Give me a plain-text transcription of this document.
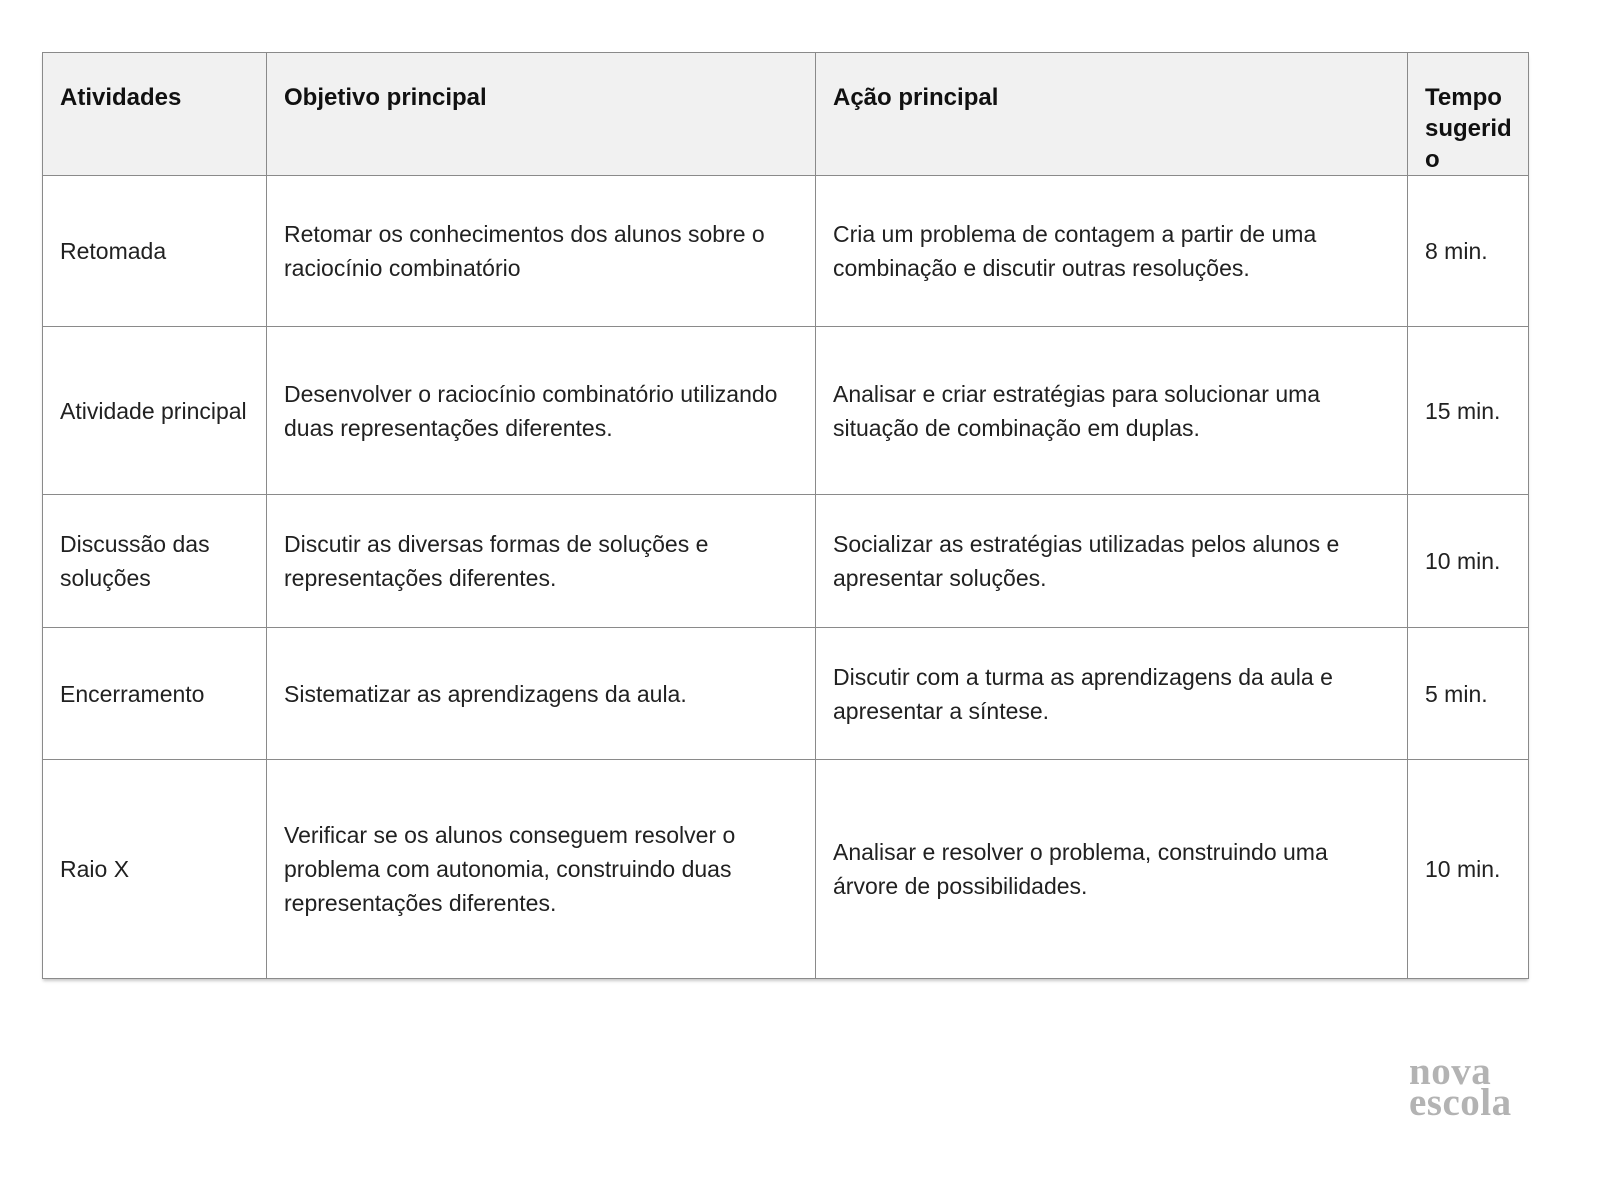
Atividades	Objetivo principal	Ação principal	Tempo sugerido
Retomada	Retomar os conhecimentos dos alunos sobre o raciocínio combinatório	Cria um problema de contagem a partir de uma combinação e discutir outras resoluções.	8 min.
Atividade principal	Desenvolver o raciocínio combinatório utilizando duas representações diferentes.	Analisar e criar estratégias para solucionar uma situação de combinação em duplas.	15 min.
Discussão das soluções	Discutir as diversas formas de soluções e representações diferentes.	Socializar as estratégias utilizadas pelos alunos e apresentar soluções.	10 min.
Encerramento	Sistematizar as aprendizagens da aula.	Discutir com a turma as aprendizagens da aula e apresentar a síntese.	5 min.
Raio X	Verificar se os alunos conseguem resolver o problema com autonomia, construindo duas representações diferentes.	Analisar e resolver o problema, construindo uma árvore de possibilidades.	10 min.
nova
escola
